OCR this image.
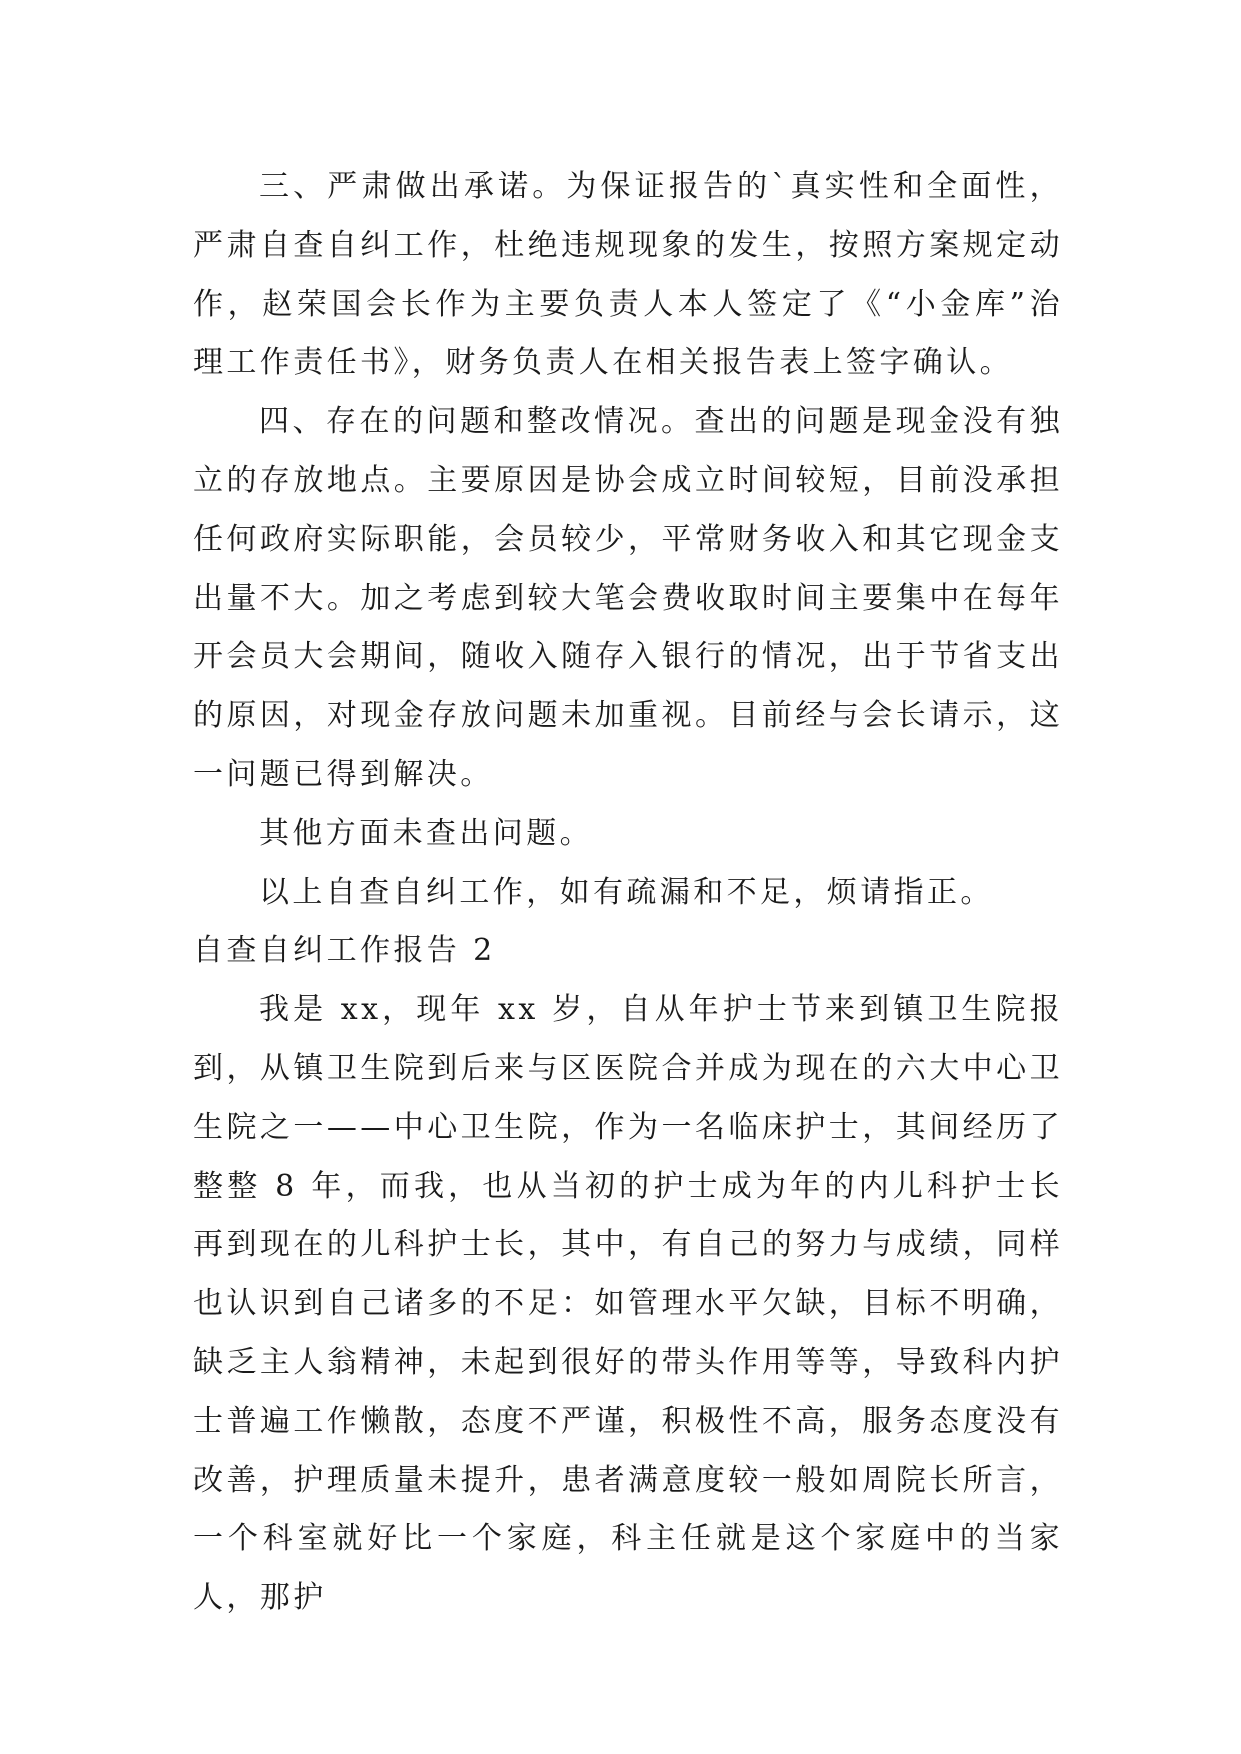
三、严肃做出承诺。为保证报告的`真实性和全面性，严肃自查自纠工作，杜绝违规现象的发生，按照方案规定动作，赵荣国会长作为主要负责人本人签定了《“小金库”治理工作责任书》，财务负责人在相关报告表上签字确认。

四、存在的问题和整改情况。查出的问题是现金没有独立的存放地点。主要原因是协会成立时间较短，目前没承担任何政府实际职能，会员较少，平常财务收入和其它现金支出量不大。加之考虑到较大笔会费收取时间主要集中在每年开会员大会期间，随收入随存入银行的情况，出于节省支出的原因，对现金存放问题未加重视。目前经与会长请示，这一问题已得到解决。

其他方面未查出问题。

以上自查自纠工作，如有疏漏和不足，烦请指正。

自查自纠工作报告 2

我是 xx，现年 xx 岁，自从年护士节来到镇卫生院报到，从镇卫生院到后来与区医院合并成为现在的六大中心卫生院之一——中心卫生院，作为一名临床护士，其间经历了整整 8 年，而我，也从当初的护士成为年的内儿科护士长再到现在的儿科护士长，其中，有自己的努力与成绩，同样也认识到自己诸多的不足：如管理水平欠缺，目标不明确，缺乏主人翁精神，未起到很好的带头作用等等，导致科内护士普遍工作懒散，态度不严谨，积极性不高，服务态度没有改善，护理质量未提升，患者满意度较一般如周院长所言，一个科室就好比一个家庭，科主任就是这个家庭中的当家人，那护
